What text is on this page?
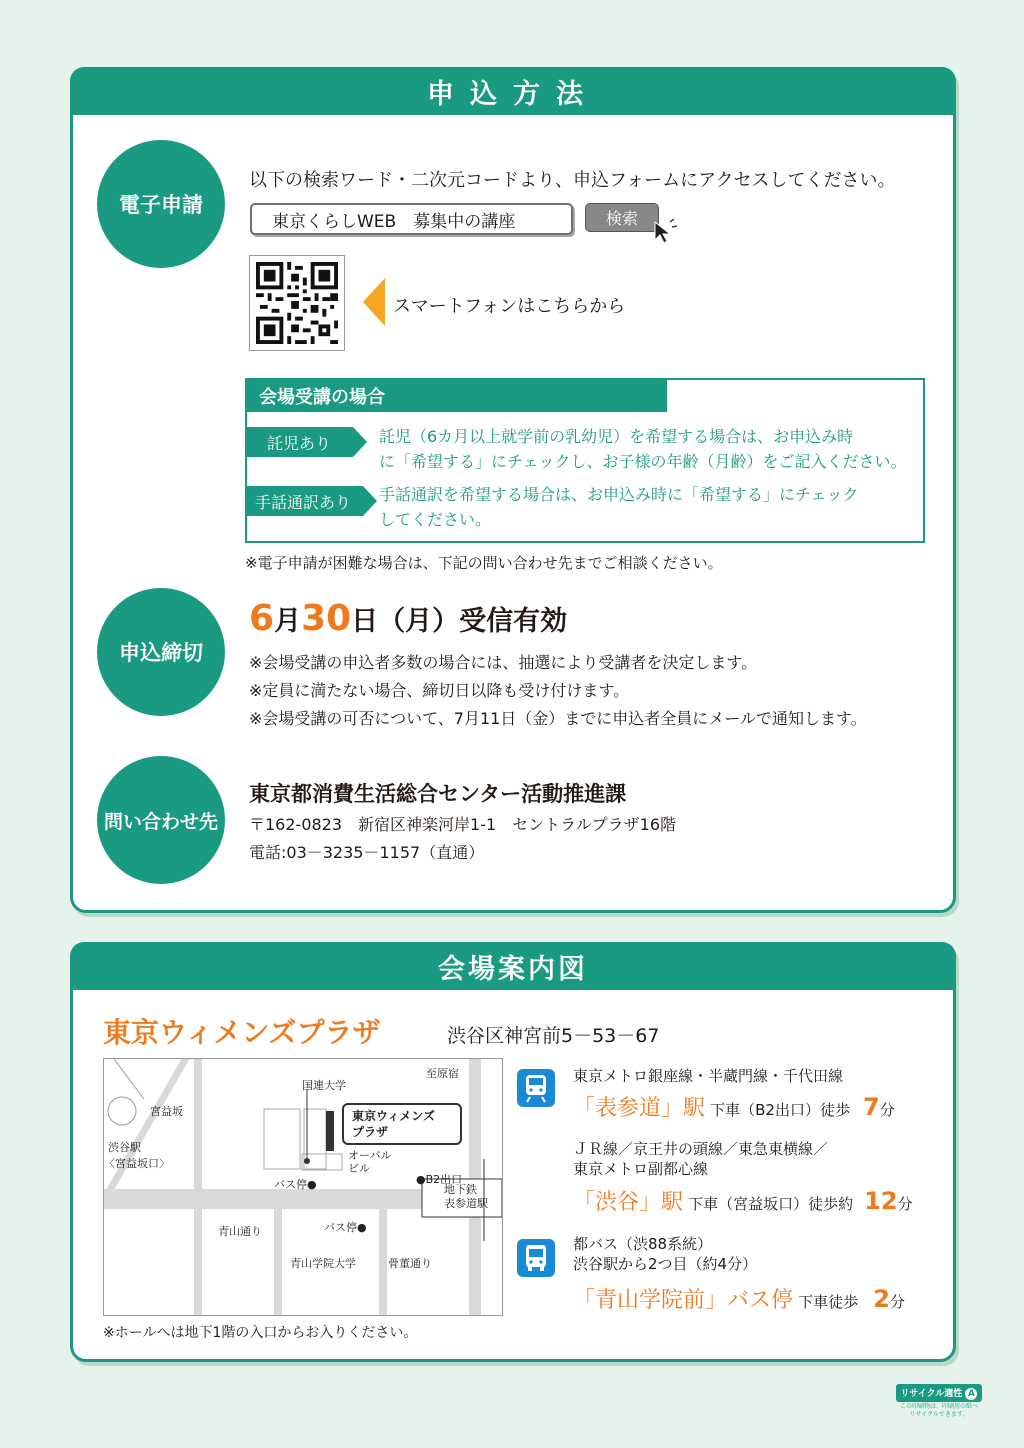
申込方法
電子申請
以下の検索ワード・二次元コードより、申込フォームにアクセスしてください。
東京くらしWEB　募集中の講座	検索
スマートフォンはこちらから
会場受講の場合
託児あり	託児（6カ月以上就学前の乳幼児）を希望する場合は、お申込み時
に「希望する」にチェックし、お子様の年齢（月齢）をご記入ください。
手話通訳あり	手話通訳を希望する場合は、お申込み時に「希望する」にチェック
してください。
※電子申請が困難な場合は、下記の問い合わせ先までご相談ください。
申込締切
6月30日（月）受信有効
※会場受講の申込者多数の場合には、抽選により受講者を決定します。
※定員に満たない場合、締切日以降も受け付けます。
※会場受講の可否について、7月11日（金）までに申込者全員にメールで通知します。
問い合わせ先
東京都消費生活総合センター活動推進課
〒162-0823　新宿区神楽河岸1-1　セントラルプラザ16階
電話:03－3235－1157（直通）
会場案内図
東京ウィメンズプラザ	渋谷区神宮前5－53－67
東京ウィメンズ
プラザ
宮益坂
渋谷駅
〈宮益坂口〉
国連大学
至原宿
オーバル
ビル
バス停●	●B2出口
地下鉄
表参道駅
青山通り	バス停●
青山学院大学	骨董通り
※ホールへは地下1階の入口からお入りください。
東京メトロ銀座線・半蔵門線・千代田線
「表参道」駅 下車（B2出口）徒歩 7分
ＪＲ線／京王井の頭線／東急東横線／
東京メトロ副都心線
「渋谷」駅 下車（宮益坂口）徒歩約 12分
都バス（渋88系統）
渋谷駅から2つ目（約4分）
「青山学院前」バス停 下車徒歩 2分
リサイクル適性 A
この印刷物は、印刷用の紙へ
リサイクルできます。
